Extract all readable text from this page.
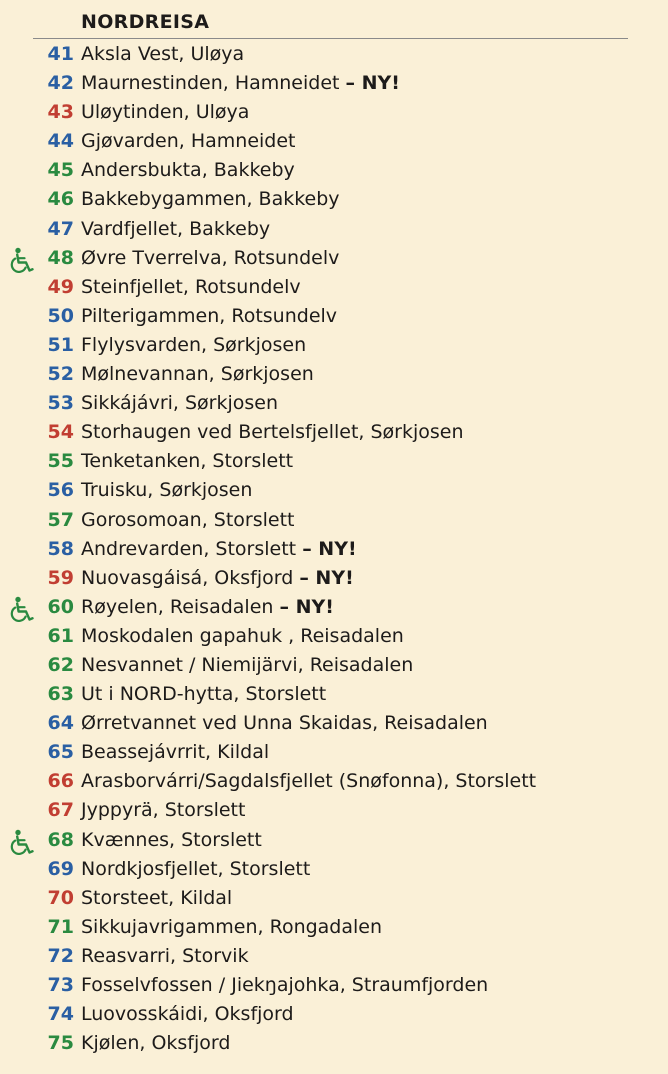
NORDREISA
41 Aksla Vest, Uløya
42 Maurnestinden, Hamneidet – NY!
43 Uløytinden, Uløya
44 Gjøvarden, Hamneidet
45 Andersbukta, Bakkeby
46 Bakkebygammen, Bakkeby
47 Vardfjellet, Bakkeby
48 Øvre Tverrelva, Rotsundelv
49 Steinfjellet, Rotsundelv
50 Pilterigammen, Rotsundelv
51 Flylysvarden, Sørkjosen
52 Mølnevannan, Sørkjosen
53 Sikkájávri, Sørkjosen
54 Storhaugen ved Bertelsfjellet, Sørkjosen
55 Tenketanken, Storslett
56 Truisku, Sørkjosen
57 Gorosomoan, Storslett
58 Andrevarden, Storslett – NY!
59 Nuovasgáisá, Oksfjord – NY!
60 Røyelen, Reisadalen – NY!
61 Moskodalen gapahuk , Reisadalen
62 Nesvannet / Niemijärvi, Reisadalen
63 Ut i NORD-hytta, Storslett
64 Ørretvannet ved Unna Skaidas, Reisadalen
65 Beassejávrrit, Kildal
66 Arasborvárri/Sagdalsfjellet (Snøfonna), Storslett
67 Jyppyrä, Storslett
68 Kvænnes, Storslett
69 Nordkjosfjellet, Storslett
70 Storsteet, Kildal
71 Sikkujavrigammen, Rongadalen
72 Reasvarri, Storvik
73 Fosselvfossen / Jiekŋajohka, Straumfjorden
74 Luovosskáidi, Oksfjord
75 Kjølen, Oksfjord
